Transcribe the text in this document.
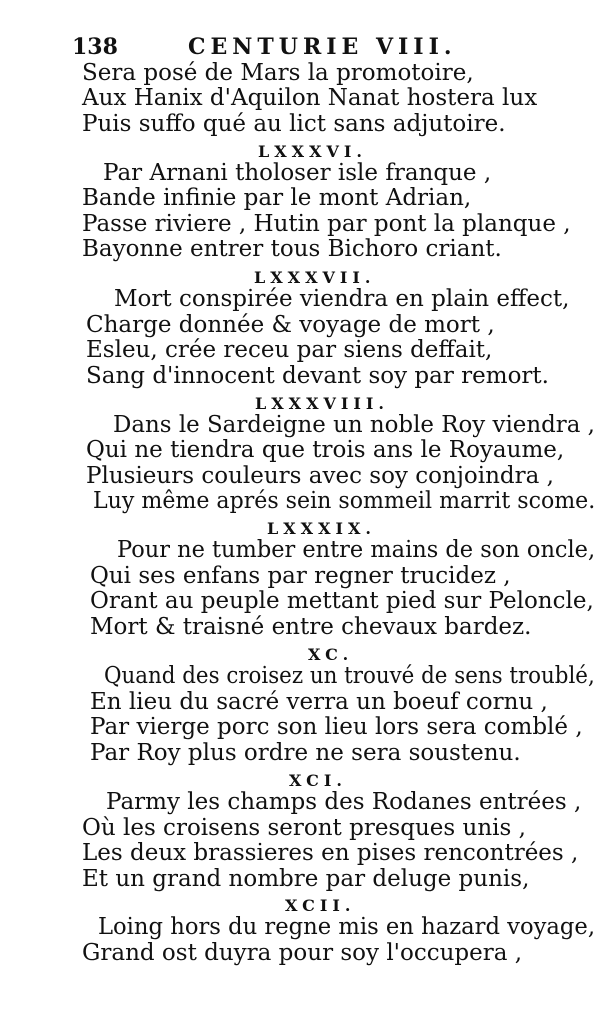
138	CENTURIE VIII.
Sera posé de Mars la promotoire,
Aux Hanix d'Aquilon Nanat hostera lux
Puis suffo qué au lict sans adjutoire.
LXXXVI.
Par Arnani tholoser isle franque ,
Bande infinie par le mont Adrian,
Passe riviere , Hutin par pont la planque ,
Bayonne entrer tous Bichoro criant.
LXXXVII.
Mort conspirée viendra en plain effect,
Charge donnée & voyage de mort ,
Esleu, crée receu par siens deffait,
Sang d'innocent devant soy par remort.
LXXXVIII.
Dans le Sardeigne un noble Roy viendra ,
Qui ne tiendra que trois ans le Royaume,
Plusieurs couleurs avec soy conjoindra ,
Luy même aprés sein sommeil marrit scome.
LXXXIX.
Pour ne tumber entre mains de son oncle,
Qui ses enfans par regner trucidez ,
Orant au peuple mettant pied sur Peloncle,
Mort & traisné entre chevaux bardez.
XC.
Quand des croisez un trouvé de sens troublé,
En lieu du sacré verra un boeuf cornu ,
Par vierge porc son lieu lors sera comblé ,
Par Roy plus ordre ne sera soustenu.
XCI.
Parmy les champs des Rodanes entrées ,
Où les croisens seront presques unis ,
Les deux brassieres en pises rencontrées ,
Et un grand nombre par deluge punis,
XCII.
Loing hors du regne mis en hazard voyage,
Grand ost duyra pour soy l'occupera ,
